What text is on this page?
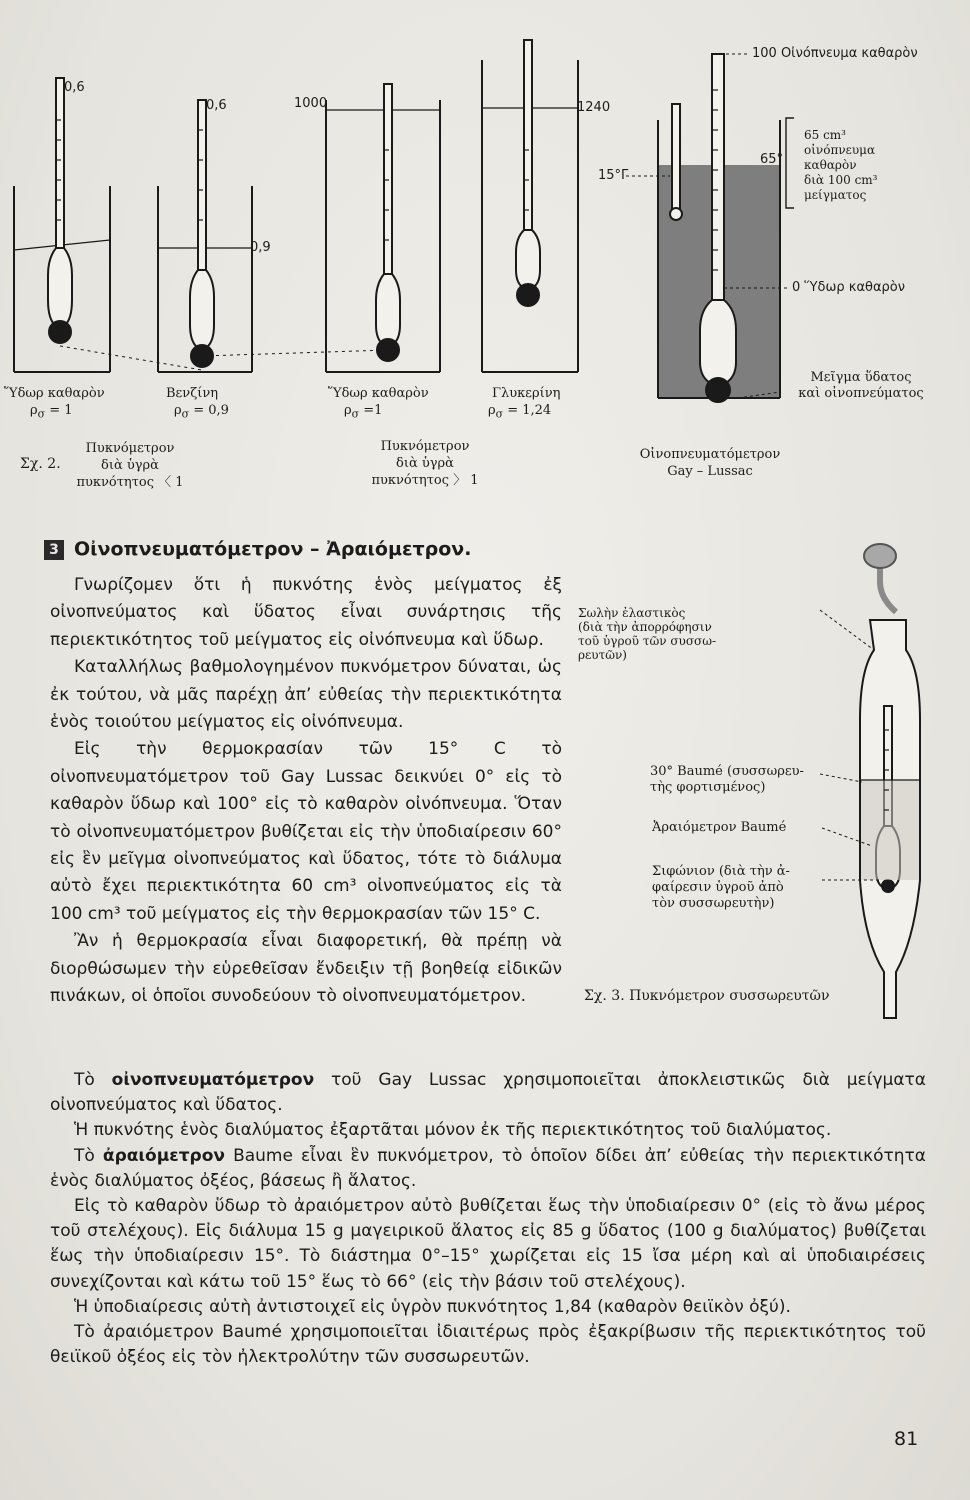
0,6
0,6	1000
0,9
1240
Ὕδωρ καθαρὸν
$\rho_\sigma = 1$
Βενζίνη
$\rho_\sigma = 0,9$
Ὕδωρ καθαρὸν
$\rho_\sigma =1$
Γλυκερίνη
$\rho_\sigma = 1,24$
Σχ. 2.
Πυκνόμετρον
διὰ ὑγρὰ
πυκνότητος 〈 1
Πυκνόμετρον
διὰ ὑγρὰ
πυκνότητος 〉 1
100 Οἰνόπνευμα καθαρὸν
15°Γ
65°
65 cm³
οἰνόπνευμα
καθαρὸν
διὰ 100 cm³
μείγματος
0 Ὕδωρ καθαρὸν
Μεῖγμα ὕδατος
καὶ οἰνοπνεύματος
Οἰνοπνευματόμετρον
Gay – Lussac
3 Οἰνοπνευματόμετρον – Ἀραιόμετρον.

Γνωρίζομεν ὅτι ἡ πυκνότης ἑνὸς μείγματος ἐξ οἰνοπνεύματος καὶ ὕδατος εἶναι συνάρτησις τῆς περιεκτικότητος τοῦ μείγματος εἰς οἰνόπνευμα καὶ ὕδωρ.

Καταλλήλως βαθμολογημένον πυκνόμετρον δύναται, ὡς ἐκ τούτου, νὰ μᾶς παρέχῃ ἀπ’ εὐθείας τὴν περιεκτικότητα ἑνὸς τοιούτου μείγματος εἰς οἰνόπνευμα.

Εἰς τὴν θερμοκρασίαν τῶν 15° C τὸ οἰνοπνευματόμετρον τοῦ Gay Lussac δεικνύει 0° εἰς τὸ καθαρὸν ὕδωρ καὶ 100° εἰς τὸ καθαρὸν οἰνόπνευμα. Ὅταν τὸ οἰνοπνευματόμετρον βυθίζεται εἰς τὴν ὑποδιαίρεσιν 60° εἰς ἓν μεῖγμα οἰνοπνεύματος καὶ ὕδατος, τότε τὸ διάλυμα αὐτὸ ἔχει περιεκτικότητα 60 cm³ οἰνοπνεύματος εἰς τὰ 100 cm³ τοῦ μείγματος εἰς τὴν θερμοκρασίαν τῶν 15° C.

Ἂν ἡ θερμοκρασία εἶναι διαφορετική, θὰ πρέπῃ νὰ διορθώσωμεν τὴν εὑρεθεῖσαν ἔνδειξιν τῇ βοηθείᾳ εἰδικῶν πινάκων, οἱ ὁποῖοι συνοδεύουν τὸ οἰνοπνευματόμετρον.

Σωλὴν ἐλαστικὸς
(διὰ τὴν ἀπορρόφησιν
τοῦ ὑγροῦ τῶν συσσω-
ρευτῶν)
30° Baumé (συσσωρευ-
τὴς φορτισμένος)
Ἀραιόμετρον Baumé
Σιφώνιον (διὰ τὴν ἀ-
φαίρεσιν ὑγροῦ ἀπὸ
τὸν συσσωρευτὴν)
Σχ. 3. Πυκνόμετρον συσσωρευτῶν

Τὸ οἰνοπνευματόμετρον τοῦ Gay Lussac χρησιμοποιεῖται ἀποκλειστικῶς διὰ μείγματα οἰνοπνεύματος καὶ ὕδατος.

Ἡ πυκνότης ἑνὸς διαλύματος ἐξαρτᾶται μόνον ἐκ τῆς περιεκτικότητος τοῦ διαλύματος.

Τὸ ἀραιόμετρον Baume εἶναι ἓν πυκνόμετρον, τὸ ὁποῖον δίδει ἀπ’ εὐθείας τὴν περιεκτικότητα ἑνὸς διαλύματος ὀξέος, βάσεως ἢ ἅλατος.

Εἰς τὸ καθαρὸν ὕδωρ τὸ ἀραιόμετρον αὐτὸ βυθίζεται ἕως τὴν ὑποδιαίρεσιν 0° (εἰς τὸ ἄνω μέρος τοῦ στελέχους). Εἰς διάλυμα 15 g μαγειρικοῦ ἅλατος εἰς 85 g ὕδατος (100 g διαλύματος) βυθίζεται ἕως τὴν ὑποδιαίρεσιν 15°. Τὸ διάστημα 0°–15° χωρίζεται εἰς 15 ἴσα μέρη καὶ αἱ ὑποδιαιρέσεις συνεχίζονται καὶ κάτω τοῦ 15° ἕως τὸ 66° (εἰς τὴν βάσιν τοῦ στελέχους).

Ἡ ὑποδιαίρεσις αὐτὴ ἀντιστοιχεῖ εἰς ὑγρὸν πυκνότητος 1,84 (καθαρὸν θειϊκὸν ὀξύ).

Τὸ ἀραιόμετρον Baumé χρησιμοποιεῖται ἰδιαιτέρως πρὸς ἐξακρίβωσιν τῆς περιεκτικότητος τοῦ θειϊκοῦ ὀξέος εἰς τὸν ἠλεκτρολύτην τῶν συσσωρευτῶν.

81
